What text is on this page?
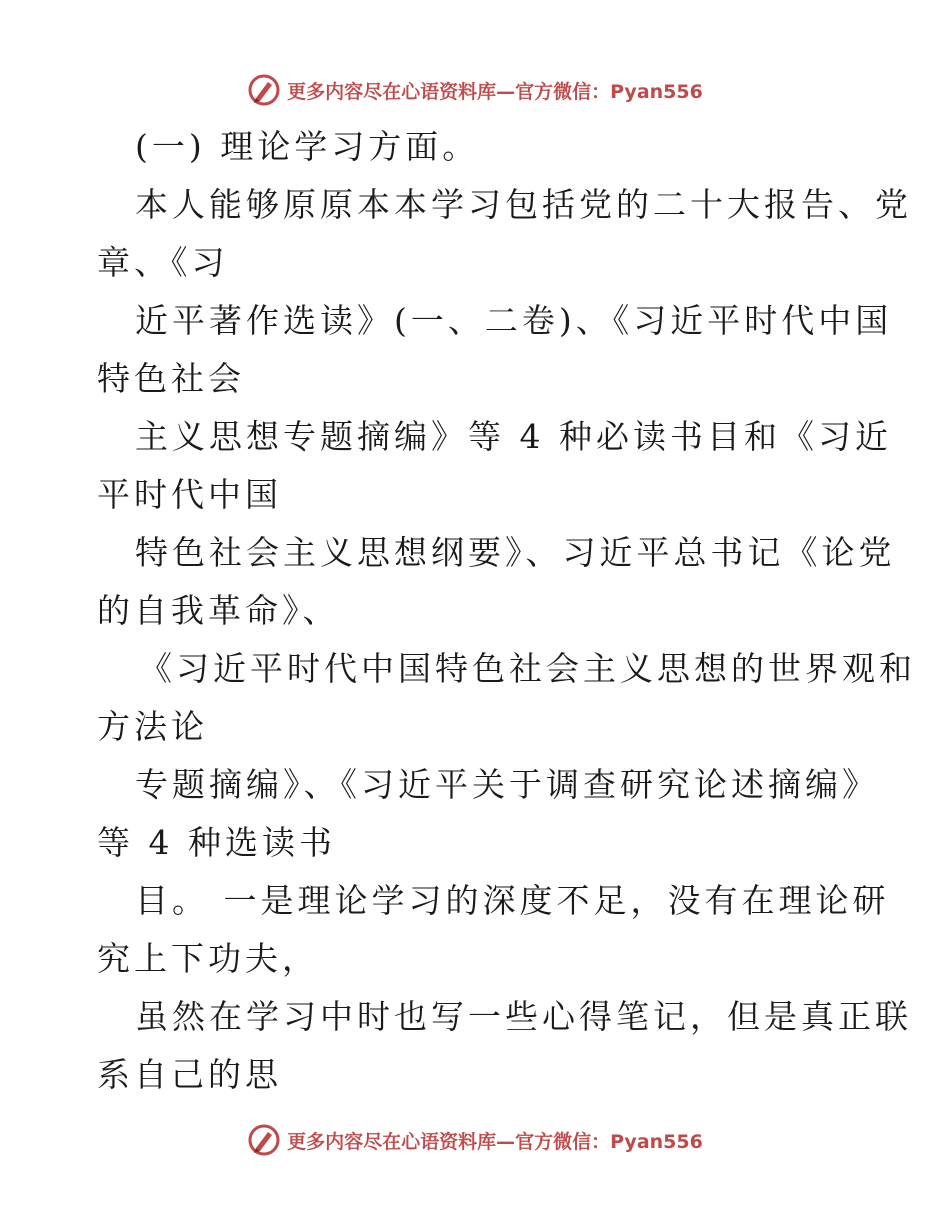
更多内容尽在心语资料库—官方微信：Pyan556
(一) 理论学习方面。
本人能够原原本本学习包括党的二十大报告、党
章、《习
近平著作选读》(一、二卷)、《习近平时代中国
特色社会
主义思想专题摘编》等 4 种必读书目和《习近
平时代中国
特色社会主义思想纲要》、习近平总书记《论党
的自我革命》、
《习近平时代中国特色社会主义思想的世界观和
方法论
专题摘编》、《习近平关于调查研究论述摘编》
等 4 种选读书
目。 一是理论学习的深度不足，没有在理论研
究上下功夫，
虽然在学习中时也写一些心得笔记，但是真正联
系自己的思
更多内容尽在心语资料库—官方微信：Pyan556
